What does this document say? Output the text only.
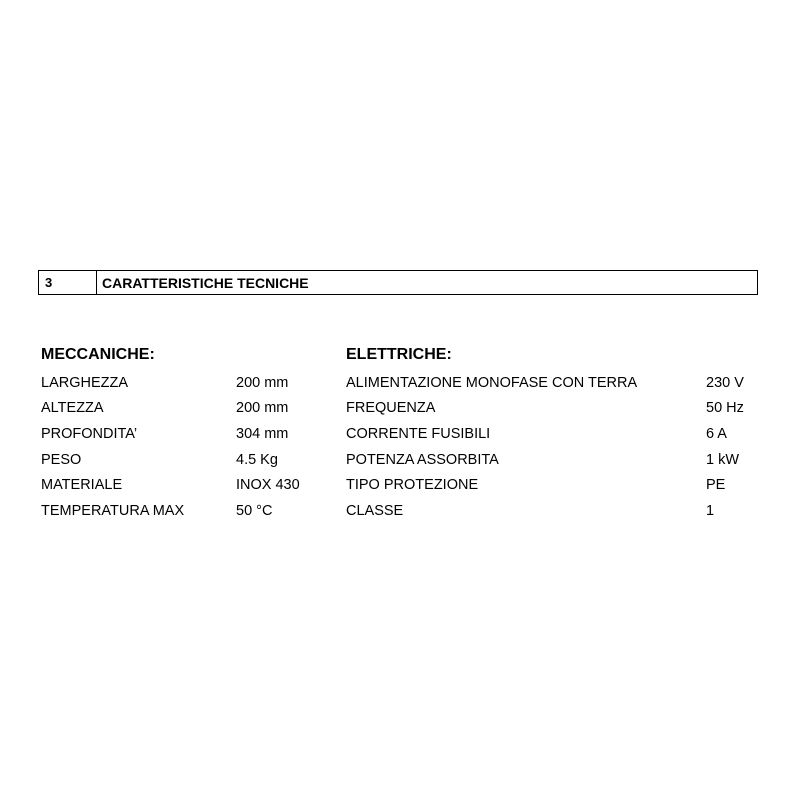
3	CARATTERISTICHE TECNICHE
MECCANICHE:	ELETTRICHE:
LARGHEZZA	200 mm
ALTEZZA	200 mm
PROFONDITA’	304 mm
PESO	4.5 Kg
MATERIALE	INOX 430
TEMPERATURA MAX	50 °C
ALIMENTAZIONE MONOFASE CON TERRA	230 V
FREQUENZA	50 Hz
CORRENTE FUSIBILI	6 A
POTENZA ASSORBITA	1 kW
TIPO PROTEZIONE	PE
CLASSE	1
